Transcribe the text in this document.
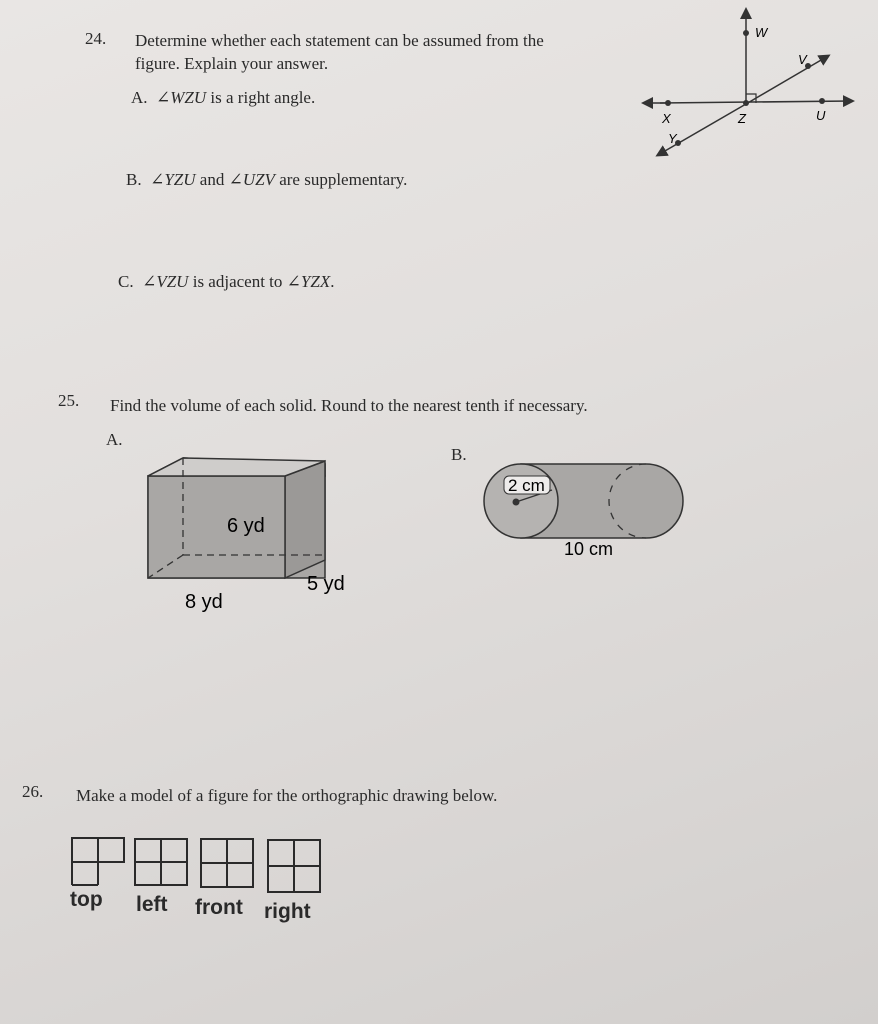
24. Determine whether each statement can be assumed from the
figure. Explain your answer.
A. ∠WZU is a right angle.
B. ∠YZU and ∠UZV are supplementary.
C. ∠VZU is adjacent to ∠YZX.
W
V
X	Z	U
Y
25. Find the volume of each solid. Round to the nearest tenth if necessary.
A.
B.
6 yd
8 yd
5 yd
2 cm
10 cm
26. Make a model of a figure for the orthographic drawing below.
top left front right
